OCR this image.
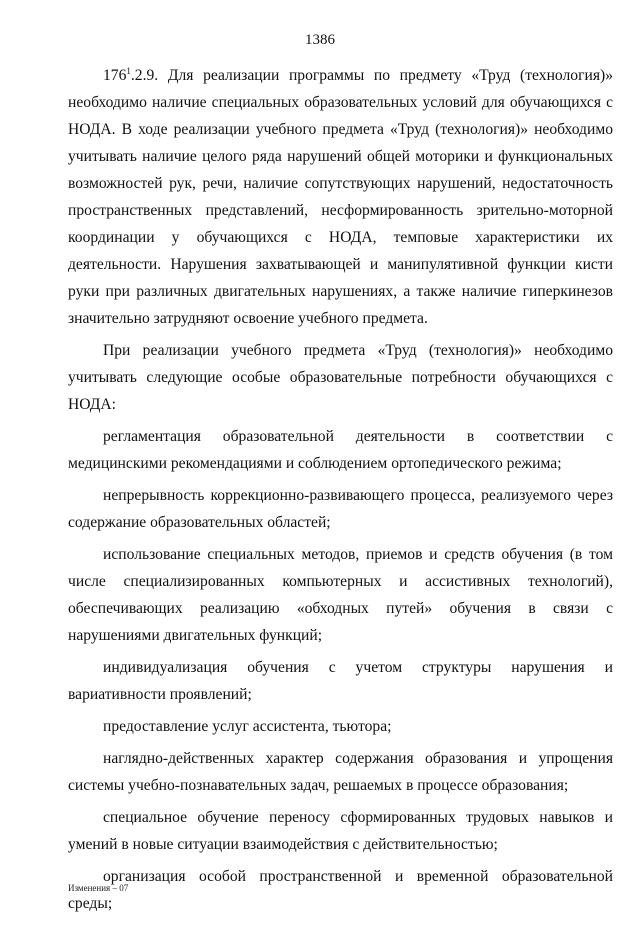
1386

$176^1.2.9$. Для реализации программы по предмету «Труд (технология)» необходимо наличие специальных образовательных условий для обучающихся с НОДА. В ходе реализации учебного предмета «Труд (технология)» необходимо учитывать наличие целого ряда нарушений общей моторики и функциональных возможностей рук, речи, наличие сопутствующих нарушений, недостаточность пространственных представлений, несформированность зрительно-моторной координации у обучающихся с НОДА, темповые характеристики их деятельности. Нарушения захватывающей и манипулятивной функции кисти руки при различных двигательных нарушениях, а также наличие гиперкинезов значительно затрудняют освоение учебного предмета.

При реализации учебного предмета «Труд (технология)» необходимо учитывать следующие особые образовательные потребности обучающихся с НОДА:

регламентация образовательной деятельности в соответствии с медицинскими рекомендациями и соблюдением ортопедического режима;

непрерывность коррекционно-развивающего процесса, реализуемого через содержание образовательных областей;

использование специальных методов, приемов и средств обучения (в том числе специализированных компьютерных и ассистивных технологий), обеспечивающих реализацию «обходных путей» обучения в связи с нарушениями двигательных функций;

индивидуализация обучения с учетом структуры нарушения и вариативности проявлений;

предоставление услуг ассистента, тьютора;

наглядно-действенных характер содержания образования и упрощения системы учебно-познавательных задач, решаемых в процессе образования;

специальное обучение переносу сформированных трудовых навыков и умений в новые ситуации взаимодействия с действительностью;

организация особой пространственной и временной образовательной среды;

Изменения – 07
